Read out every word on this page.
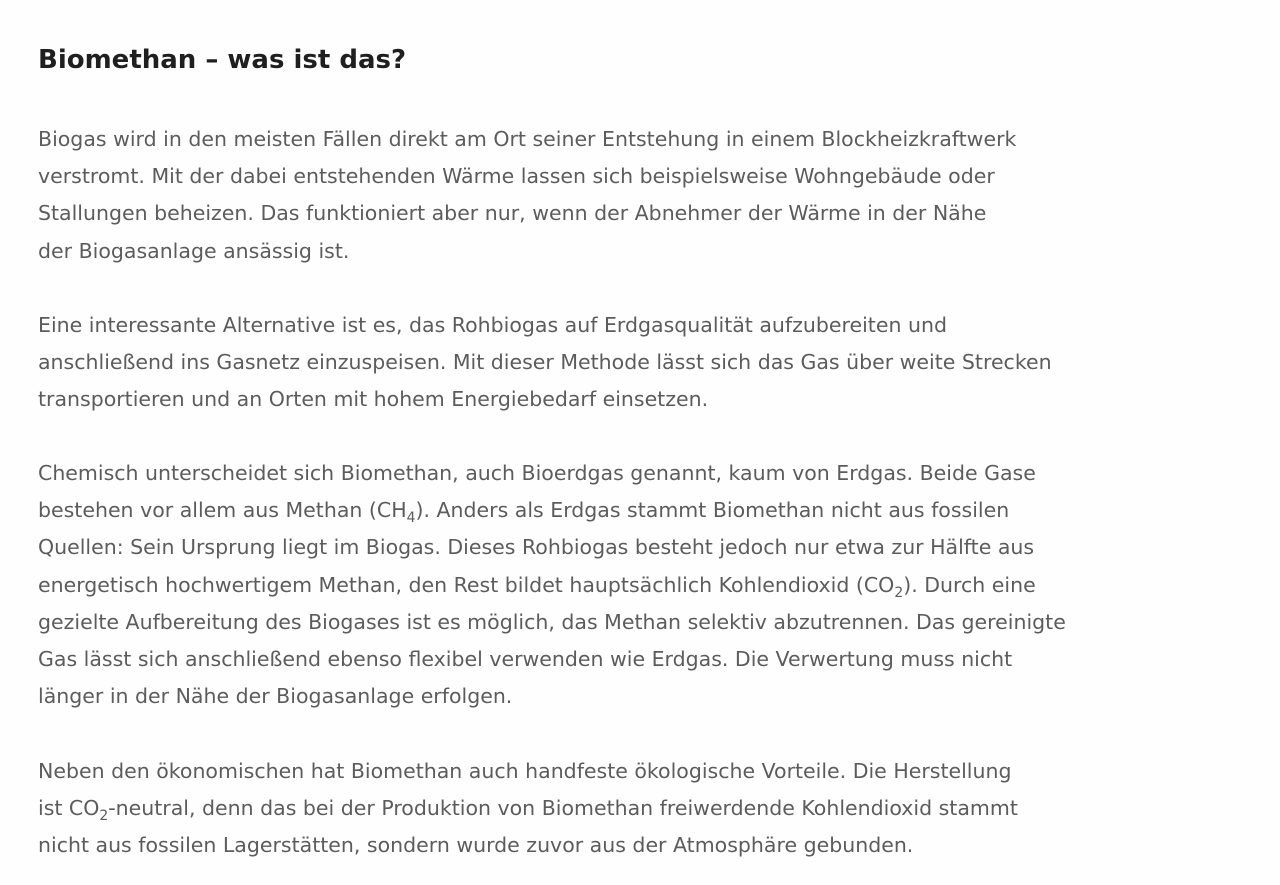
Biomethan – was ist das?
Biogas wird in den meisten Fällen direkt am Ort seiner Entstehung in einem Blockheizkraftwerk
verstromt. Mit der dabei entstehenden Wärme lassen sich beispielsweise Wohngebäude oder
Stallungen beheizen. Das funktioniert aber nur, wenn der Abnehmer der Wärme in der Nähe
der Biogasanlage ansässig ist.
Eine interessante Alternative ist es, das Rohbiogas auf Erdgasqualität aufzubereiten und
anschließend ins Gasnetz einzuspeisen. Mit dieser Methode lässt sich das Gas über weite Strecken
transportieren und an Orten mit hohem Energiebedarf einsetzen.
Chemisch unterscheidet sich Biomethan, auch Bioerdgas genannt, kaum von Erdgas. Beide Gase
bestehen vor allem aus Methan $(CH_4)$. Anders als Erdgas stammt Biomethan nicht aus fossilen
Quellen: Sein Ursprung liegt im Biogas. Dieses Rohbiogas besteht jedoch nur etwa zur Hälfte aus
energetisch hochwertigem Methan, den Rest bildet hauptsächlich Kohlendioxid $(CO_2)$. Durch eine
gezielte Aufbereitung des Biogases ist es möglich, das Methan selektiv abzutrennen. Das gereinigte
Gas lässt sich anschließend ebenso flexibel verwenden wie Erdgas. Die Verwertung muss nicht
länger in der Nähe der Biogasanlage erfolgen.
Neben den ökonomischen hat Biomethan auch handfeste ökologische Vorteile. Die Herstellung
ist $CO_2$-neutral, denn das bei der Produktion von Biomethan freiwerdende Kohlendioxid stammt
nicht aus fossilen Lagerstätten, sondern wurde zuvor aus der Atmosphäre gebunden.
